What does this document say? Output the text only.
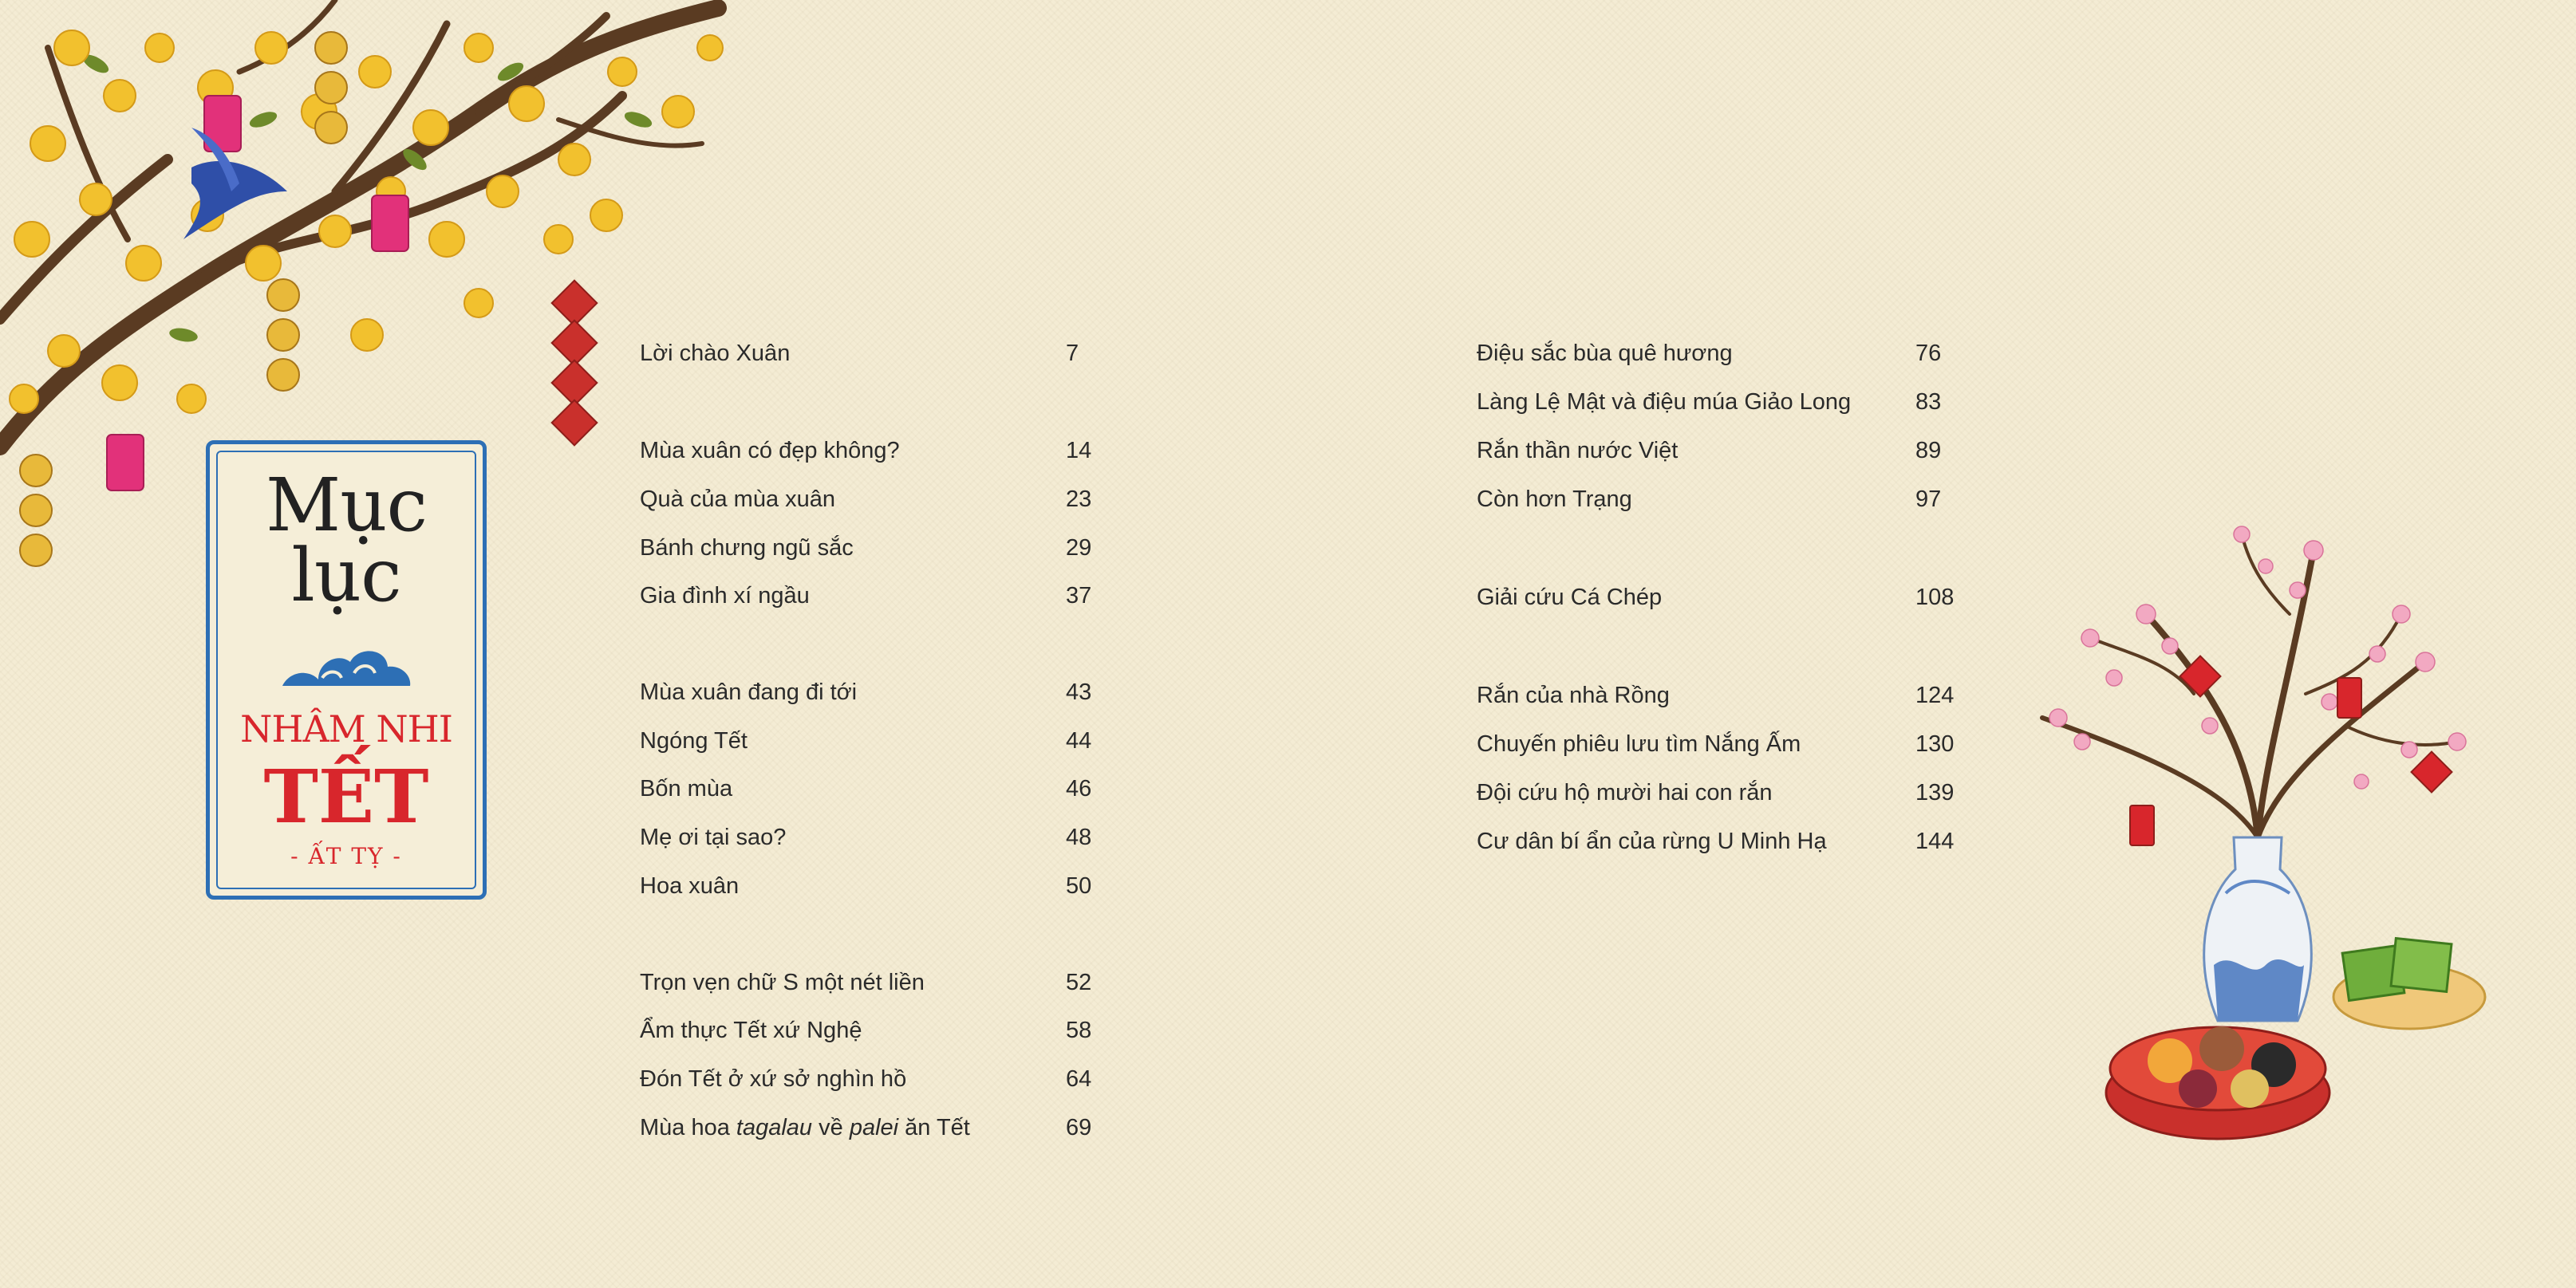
Mục
lục
NHÂM NHI
TẾT
- ẤT TỴ -
Lời chào Xuân	7
Mùa xuân có đẹp không?	14
Quà của mùa xuân	23
Bánh chưng ngũ sắc	29
Gia đình xí ngầu	37
Mùa xuân đang đi tới	43
Ngóng Tết	44
Bốn mùa	46
Mẹ ơi tại sao?	48
Hoa xuân	50
Trọn vẹn chữ S một nét liền	52
Ẩm thực Tết xứ Nghệ	58
Đón Tết ở xứ sở nghìn hồ	64
Mùa hoa tagalau về palei ăn Tết	69
Điệu sắc bùa quê hương	76
Làng Lệ Mật và điệu múa Giảo Long	83
Rắn thần nước Việt	89
Còn hơn Trạng	97
Giải cứu Cá Chép	108
Rắn của nhà Rồng	124
Chuyến phiêu lưu tìm Nắng Ấm	130
Đội cứu hộ mười hai con rắn	139
Cư dân bí ẩn của rừng U Minh Hạ	144
